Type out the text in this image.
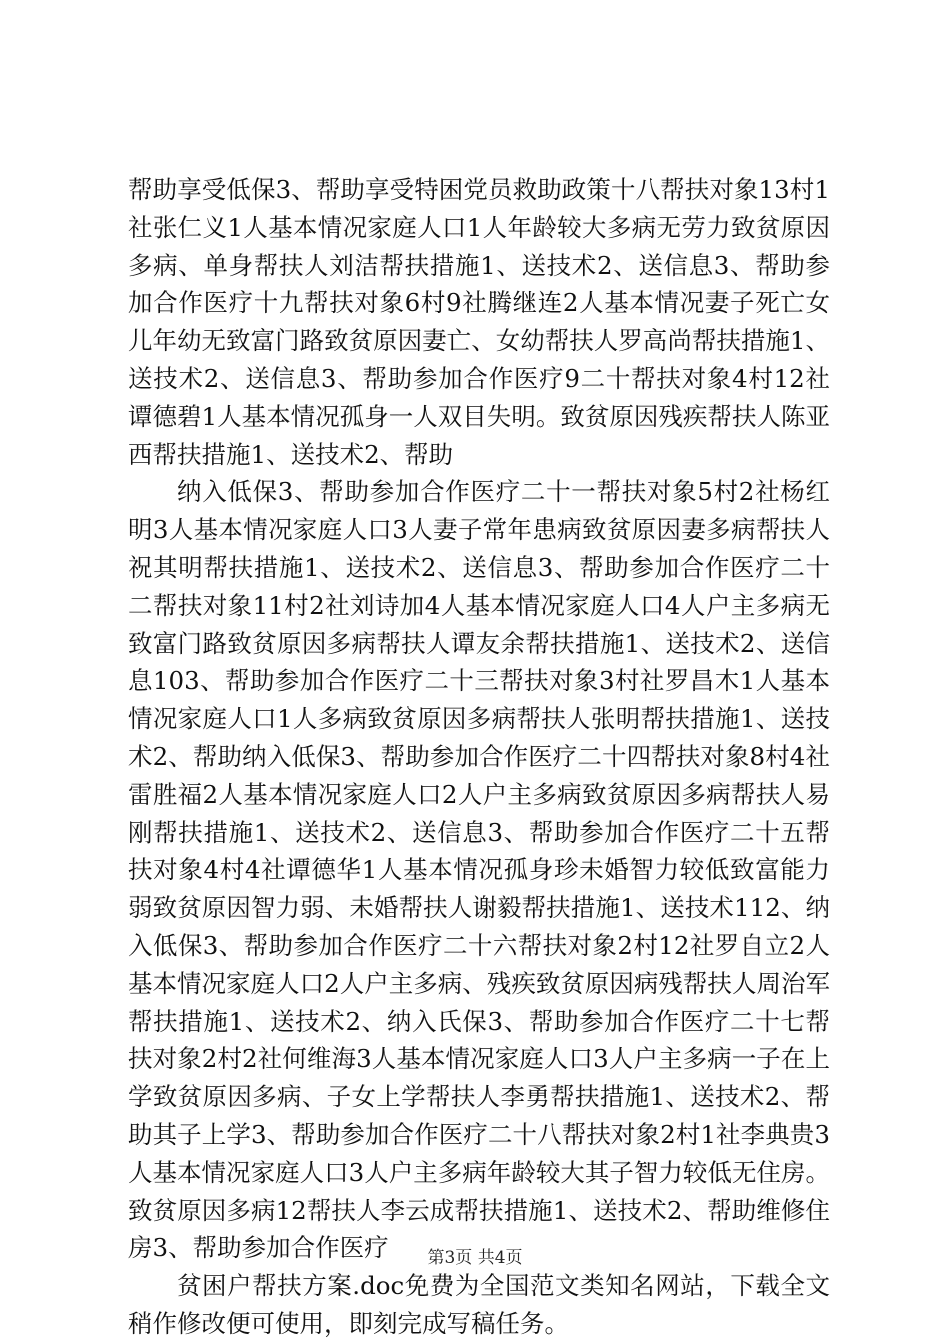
帮助享受低保3、帮助享受特困党员救助政策十八帮扶对象13村1社张仁义1人基本情况家庭人口1人年龄较大多病无劳力致贫原因多病、单身帮扶人刘洁帮扶措施1、送技术2、送信息3、帮助参加合作医疗十九帮扶对象6村9社腾继连2人基本情况妻子死亡女儿年幼无致富门路致贫原因妻亡、女幼帮扶人罗高尚帮扶措施1、送技术2、送信息3、帮助参加合作医疗9二十帮扶对象4村12社谭德碧1人基本情况孤身一人双目失明。致贫原因残疾帮扶人陈亚西帮扶措施1、送技术2、帮助

纳入低保3、帮助参加合作医疗二十一帮扶对象5村2社杨红明3人基本情况家庭人口3人妻子常年患病致贫原因妻多病帮扶人祝其明帮扶措施1、送技术2、送信息3、帮助参加合作医疗二十二帮扶对象11村2社刘诗加4人基本情况家庭人口4人户主多病无致富门路致贫原因多病帮扶人谭友余帮扶措施1、送技术2、送信息103、帮助参加合作医疗二十三帮扶对象3村社罗昌木1人基本情况家庭人口1人多病致贫原因多病帮扶人张明帮扶措施1、送技术2、帮助纳入低保3、帮助参加合作医疗二十四帮扶对象8村4社雷胜福2人基本情况家庭人口2人户主多病致贫原因多病帮扶人易刚帮扶措施1、送技术2、送信息3、帮助参加合作医疗二十五帮扶对象4村4社谭德华1人基本情况孤身珍未婚智力较低致富能力弱致贫原因智力弱、未婚帮扶人谢毅帮扶措施1、送技术112、纳入低保3、帮助参加合作医疗二十六帮扶对象2村12社罗自立2人基本情况家庭人口2人户主多病、残疾致贫原因病残帮扶人周治军帮扶措施1、送技术2、纳入氏保3、帮助参加合作医疗二十七帮扶对象2村2社何维海3人基本情况家庭人口3人户主多病一子在上学致贫原因多病、子女上学帮扶人李勇帮扶措施1、送技术2、帮助其子上学3、帮助参加合作医疗二十八帮扶对象2村1社李典贵3人基本情况家庭人口3人户主多病年龄较大其子智力较低无住房。致贫原因多病12帮扶人李云成帮扶措施1、送技术2、帮助维修住房3、帮助参加合作医疗

贫困户帮扶方案.doc免费为全国范文类知名网站，下载全文稍作修改便可使用，即刻完成写稿任务。

第3页 共4页
